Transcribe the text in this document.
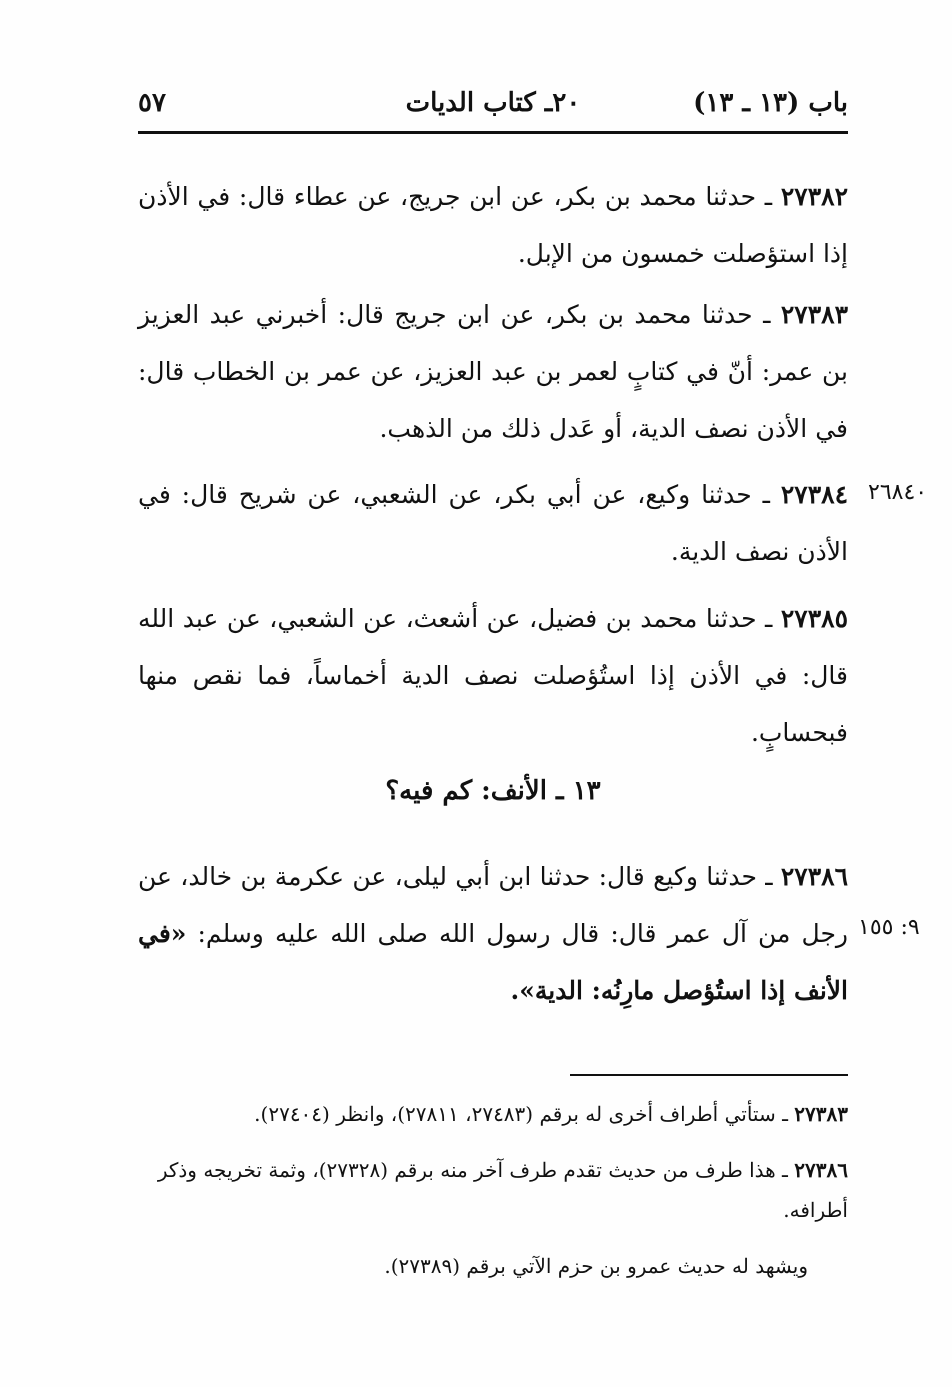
٥٧	٢٠ـ كتاب الديات	باب (١٣ ـ ١٣)
٢٧٣٨٢ ـ حدثنا محمد بن بكر، عن ابن جريج، عن عطاء قال: في الأذن إذا استؤصلت خمسون من الإبل.
٢٧٣٨٣ ـ حدثنا محمد بن بكر، عن ابن جريج قال: أخبرني عبد العزيز بن عمر: أنّ في كتابٍ لعمر بن عبد العزيز، عن عمر بن الخطاب قال: في الأذن نصف الدية، أو عَدل ذلك من الذهب.
٢٦٨٤٠
٢٧٣٨٤ ـ حدثنا وكيع، عن أبي بكر، عن الشعبي، عن شريح قال: في الأذن نصف الدية.
٢٧٣٨٥ ـ حدثنا محمد بن فضيل، عن أشعث، عن الشعبي، عن عبد الله قال: في الأذن إذا استُؤصلت نصف الدية أخماساً، فما نقص منها فبحسابٍ.
١٣ ـ الأنف: كم فيه؟
٩: ١٥٥
٢٧٣٨٦ ـ حدثنا وكيع قال: حدثنا ابن أبي ليلى، عن عكرمة بن خالد، عن رجل من آل عمر قال: قال رسول الله صلى الله عليه وسلم: «في الأنف إذا استُؤصل مارِنُه: الدية».
٢٧٣٨٣ ـ ستأتي أطراف أخرى له برقم (٢٧٤٨٣، ٢٧٨١١)، وانظر (٢٧٤٠٤).
٢٧٣٨٦ ـ هذا طرف من حديث تقدم طرف آخر منه برقم (٢٧٣٢٨)، وثمة تخريجه وذكر أطرافه.
ويشهد له حديث عمرو بن حزم الآتي برقم (٢٧٣٨٩).
